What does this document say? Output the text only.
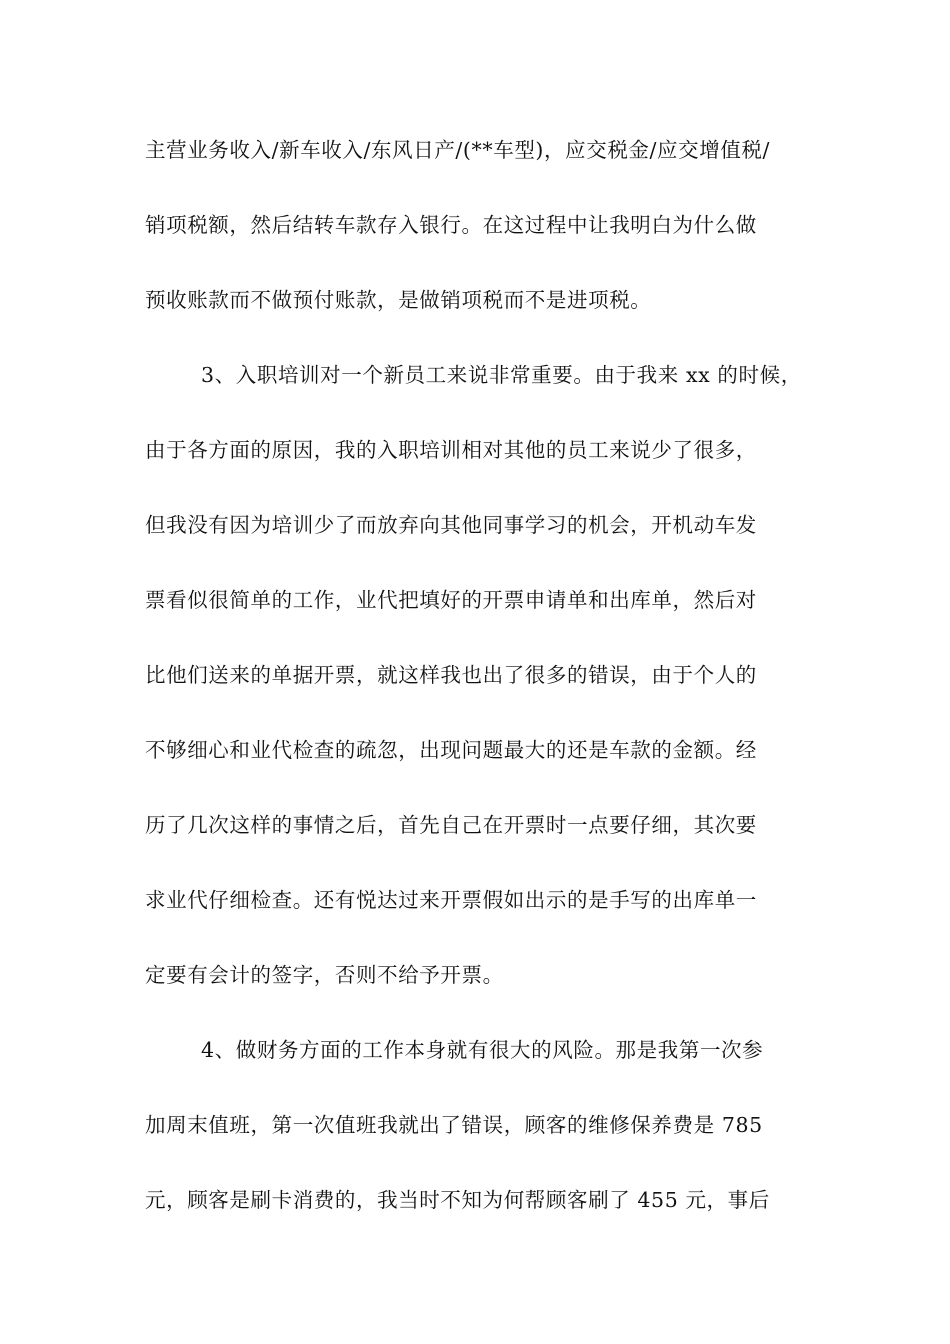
主营业务收入/新车收入/东风日产/(**车型)，应交税金/应交增值税/
销项税额，然后结转车款存入银行。在这过程中让我明白为什么做
预收账款而不做预付账款，是做销项税而不是进项税。
3、入职培训对一个新员工来说非常重要。由于我来 xx 的时候，
由于各方面的原因，我的入职培训相对其他的员工来说少了很多，
但我没有因为培训少了而放弃向其他同事学习的机会，开机动车发
票看似很简单的工作，业代把填好的开票申请单和出库单，然后对
比他们送来的单据开票，就这样我也出了很多的错误，由于个人的
不够细心和业代检查的疏忽，出现问题最大的还是车款的金额。经
历了几次这样的事情之后，首先自己在开票时一点要仔细，其次要
求业代仔细检查。还有悦达过来开票假如出示的是手写的出库单一
定要有会计的签字，否则不给予开票。
4、做财务方面的工作本身就有很大的风险。那是我第一次参
加周末值班，第一次值班我就出了错误，顾客的维修保养费是 785
元，顾客是刷卡消费的，我当时不知为何帮顾客刷了 455 元，事后
